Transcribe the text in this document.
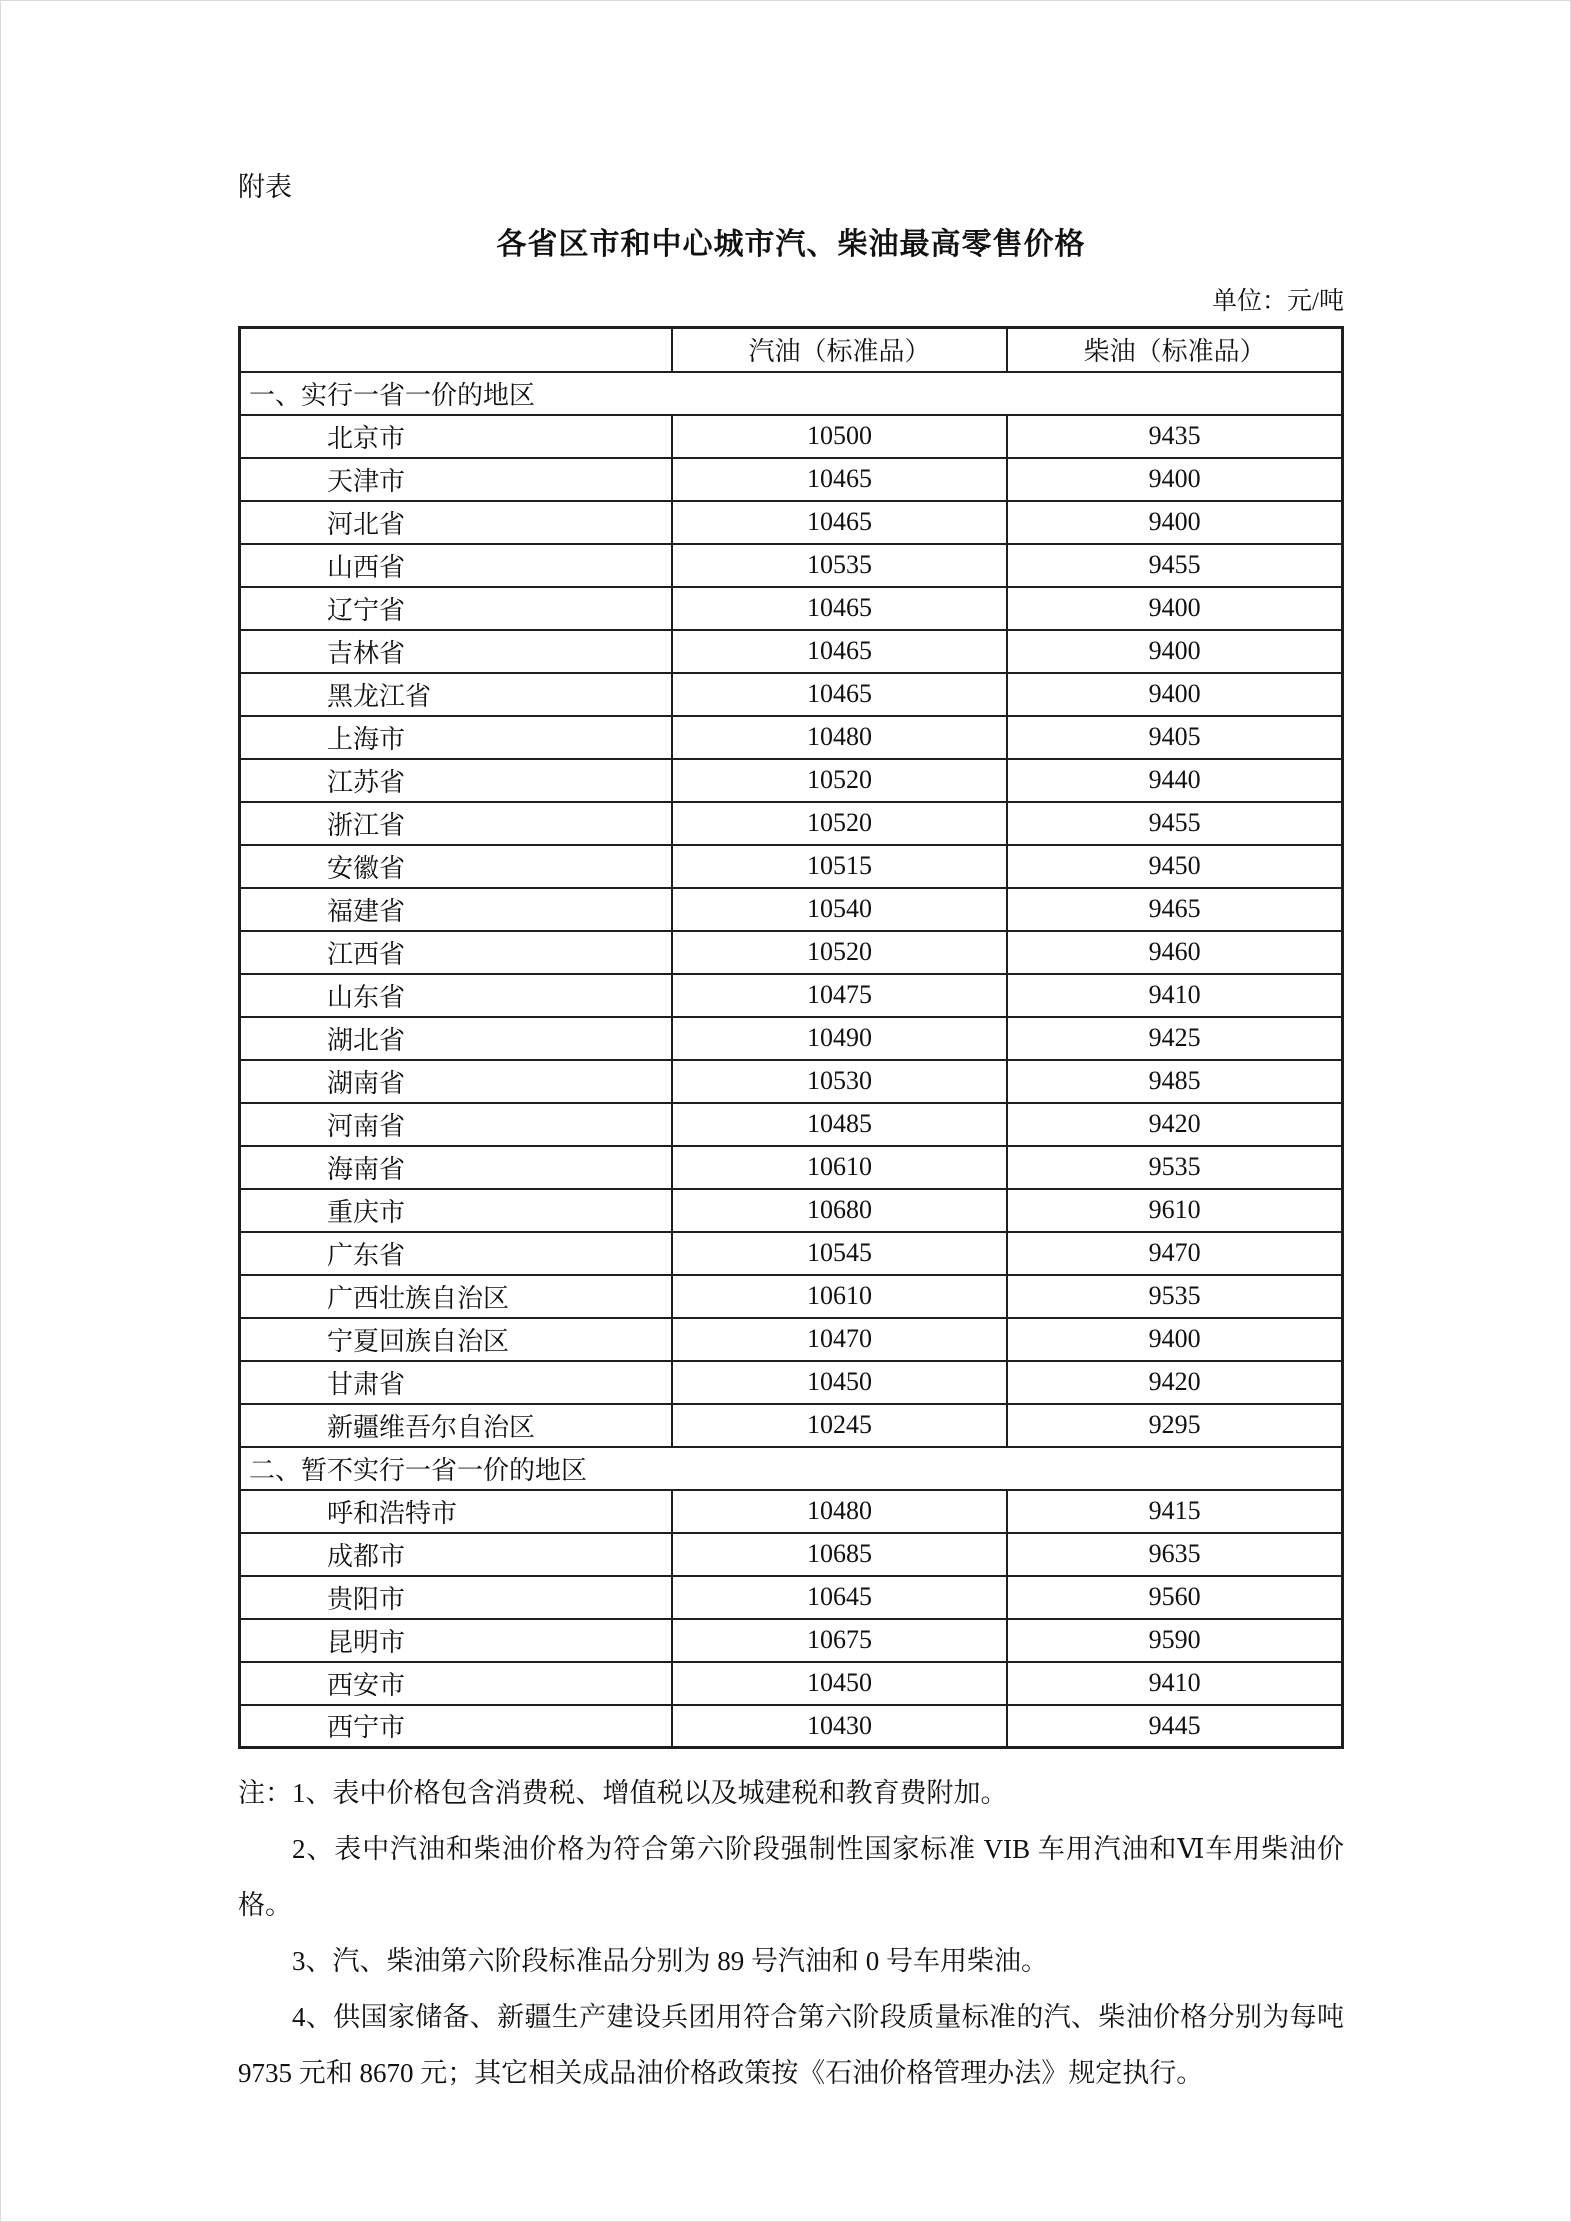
附表
各省区市和中心城市汽、柴油最高零售价格
单位：元/吨
	汽油（标准品）	柴油（标准品）
一、实行一省一价的地区		
北京市	10500	9435
天津市	10465	9400
河北省	10465	9400
山西省	10535	9455
辽宁省	10465	9400
吉林省	10465	9400
黑龙江省	10465	9400
上海市	10480	9405
江苏省	10520	9440
浙江省	10520	9455
安徽省	10515	9450
福建省	10540	9465
江西省	10520	9460
山东省	10475	9410
湖北省	10490	9425
湖南省	10530	9485
河南省	10485	9420
海南省	10610	9535
重庆市	10680	9610
广东省	10545	9470
广西壮族自治区	10610	9535
宁夏回族自治区	10470	9400
甘肃省	10450	9420
新疆维吾尔自治区	10245	9295
二、暂不实行一省一价的地区		
呼和浩特市	10480	9415
成都市	10685	9635
贵阳市	10645	9560
昆明市	10675	9590
西安市	10450	9410
西宁市	10430	9445

注：1、表中价格包含消费税、增值税以及城建税和教育费附加。

2、表中汽油和柴油价格为符合第六阶段强制性国家标准 VIB 车用汽油和Ⅵ车用柴油价格。

3、汽、柴油第六阶段标准品分别为 89 号汽油和 0 号车用柴油。

4、供国家储备、新疆生产建设兵团用符合第六阶段质量标准的汽、柴油价格分别为每吨 9735 元和 8670 元；其它相关成品油价格政策按《石油价格管理办法》规定执行。
